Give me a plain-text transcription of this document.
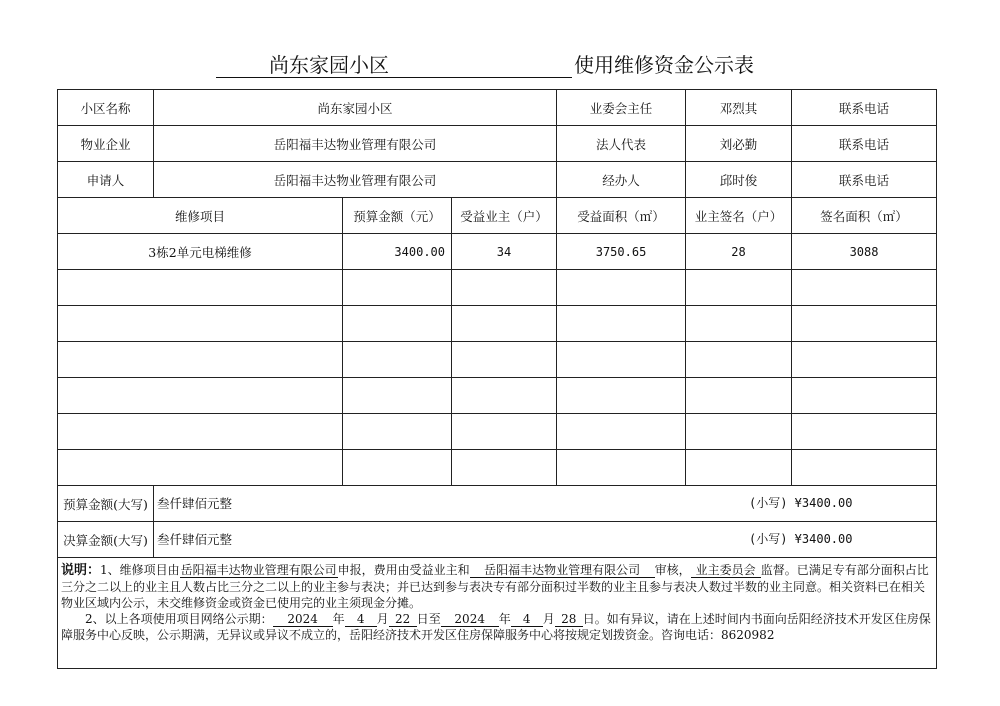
尚东家园小区	使用维修资金公示表
小区名称	尚东家园小区			业委会主任	邓烈其	联系电话	
物业企业	岳阳福丰达物业管理有限公司			法人代表	刘必勤	联系电话	
申请人	岳阳福丰达物业管理有限公司			经办人	邱时俊	联系电话	
维修项目		预算金额（元）	受益业主（户）	受益面积（㎡）	业主签名（户）	签名面积（㎡）	
3栋2单元电梯维修		3400.00	34	3750.65	28	3088	

预算金额(大写)	叁仟肆佰元整 (小写) ¥3400.00						

决算金额(大写)	叁仟肆佰元整 (小写) ¥3400.00						

说明：1、维修项目由岳阳福丰达物业管理有限公司申报，费用由受益业主和 岳阳福丰达物业管理有限公司 审核， 业主委员会 监督。已满足专有部分面积占比三分之二以上的业主且人数占比三分之二以上的业主参与表决；并已达到参与表决专有部分面积过半数的业主且参与表决人数过半数的业主同意。相关资料已在相关物业区域内公示，未交维修资金或资金已使用完的业主须现金分摊。
2、以上各项使用项目网络公示期： 2024 年 4 月 22 日至 2024 年 4 月 28 日。如有异议，请在上述时间内书面向岳阳经济技术开发区住房保障服务中心反映，公示期满，无异议或异议不成立的，岳阳经济技术开发区住房保障服务中心将按规定划拨资金。咨询电话：8620982							
